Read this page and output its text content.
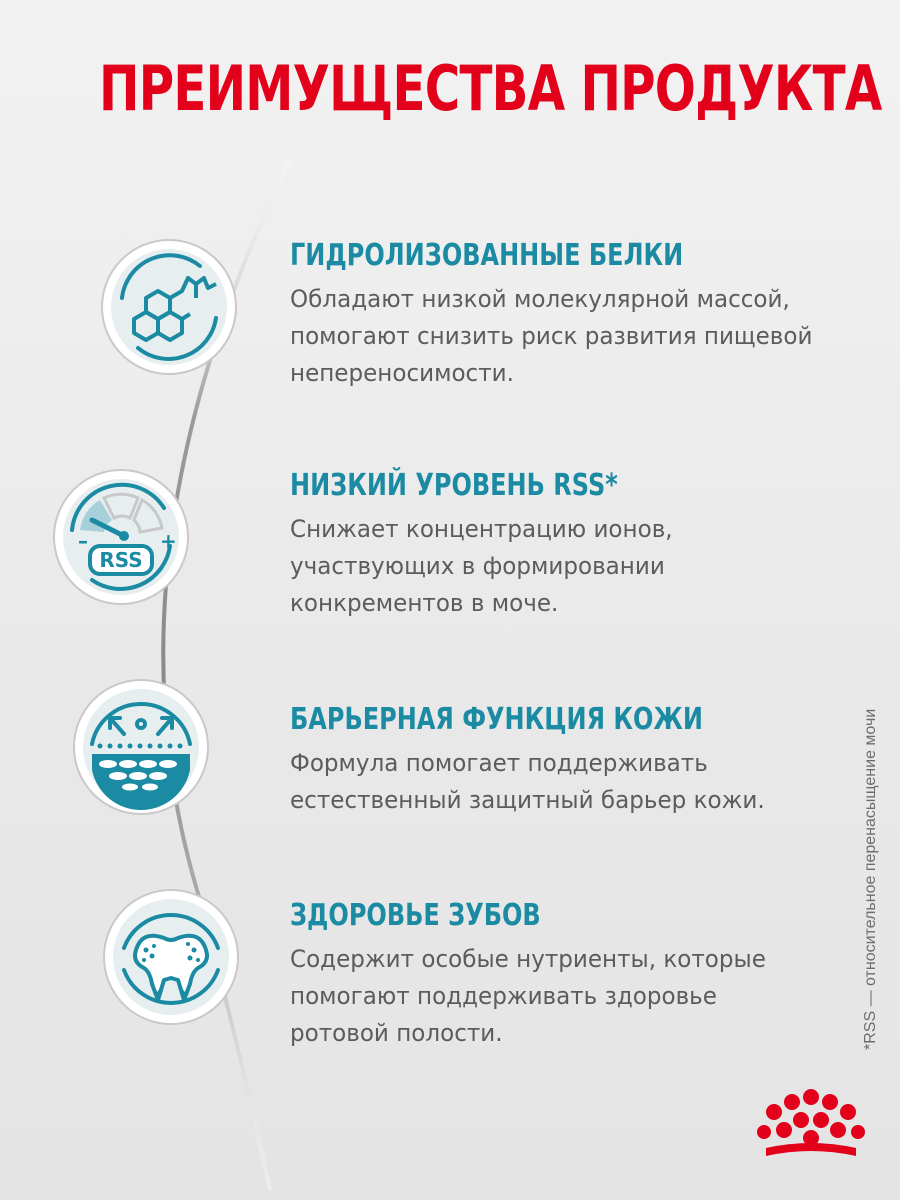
ПРЕИМУЩЕСТВА ПРОДУКТА
–	+
RSS
ГИДРОЛИЗОВАННЫЕ БЕЛКИ
Обладают низкой молекулярной массой,
помогают снизить риск развития пищевой
непереносимости.
НИЗКИЙ УРОВЕНЬ RSS*
Снижает концентрацию ионов,
участвующих в формировании
конкрементов в моче.
БАРЬЕРНАЯ ФУНКЦИЯ КОЖИ
Формула помогает поддерживать
естественный защитный барьер кожи.
ЗДОРОВЬЕ ЗУБОВ
Содержит особые нутриенты, которые
помогают поддерживать здоровье
ротовой полости.	*RSS — относительное перенасыщение мочи
